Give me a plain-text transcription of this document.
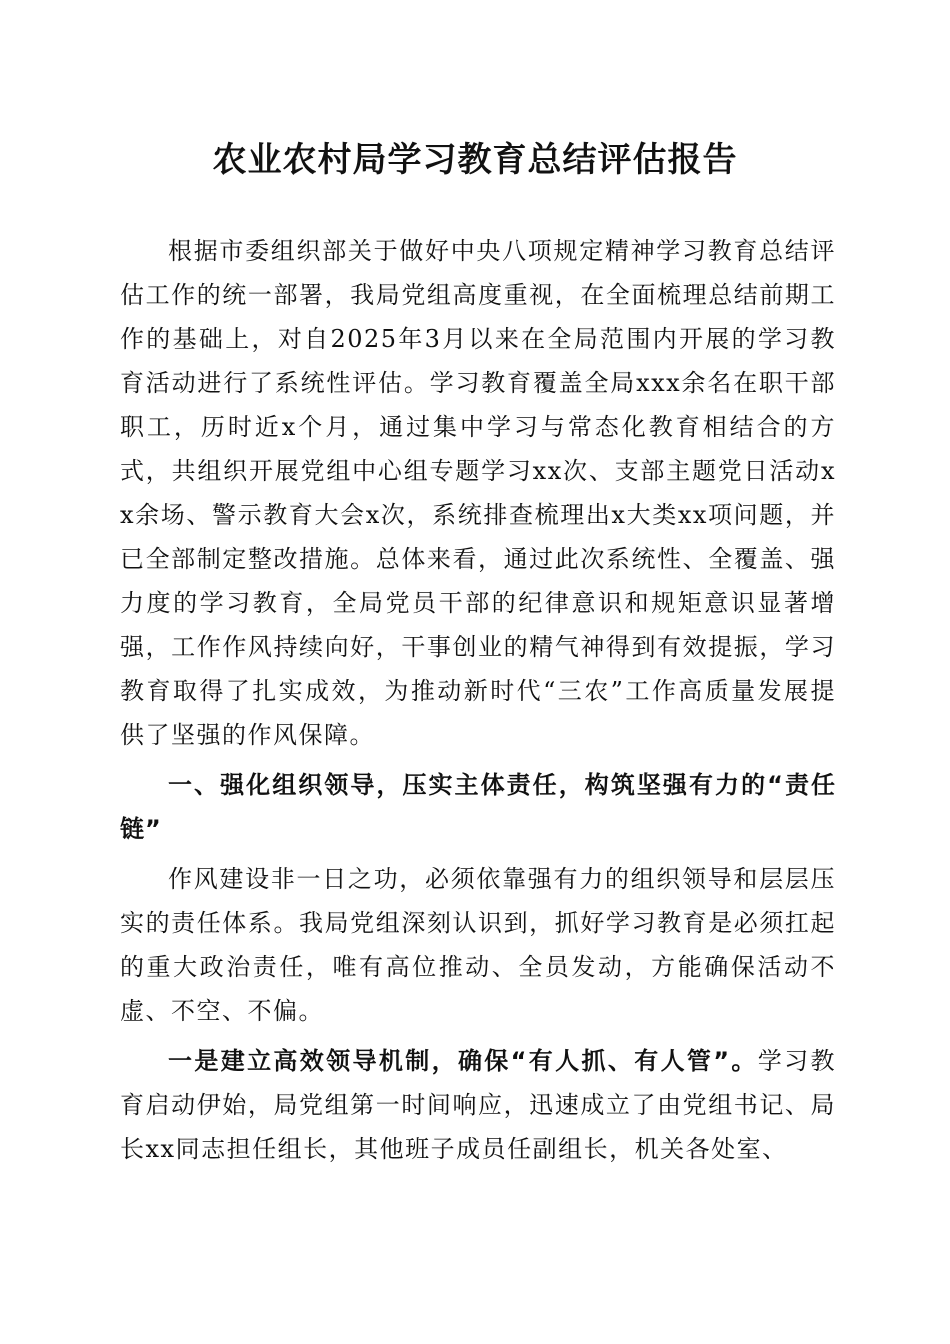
农业农村局学习教育总结评估报告

根据市委组织部关于做好中央八项规定精神学习教育总结评估工作的统一部署，我局党组高度重视，在全面梳理总结前期工作的基础上，对自2025年3月以来在全局范围内开展的学习教育活动进行了系统性评估。学习教育覆盖全局xxx余名在职干部职工，历时近x个月，通过集中学习与常态化教育相结合的方式，共组织开展党组中心组专题学习xx次、支部主题党日活动xx余场、警示教育大会x次，系统排查梳理出x大类xx项问题，并已全部制定整改措施。总体来看，通过此次系统性、全覆盖、强力度的学习教育，全局党员干部的纪律意识和规矩意识显著增强，工作作风持续向好，干事创业的精气神得到有效提振，学习教育取得了扎实成效，为推动新时代“三农”工作高质量发展提供了坚强的作风保障。

一、强化组织领导，压实主体责任，构筑坚强有力的“责任链”

作风建设非一日之功，必须依靠强有力的组织领导和层层压实的责任体系。我局党组深刻认识到，抓好学习教育是必须扛起的重大政治责任，唯有高位推动、全员发动，方能确保活动不虚、不空、不偏。

一是建立高效领导机制，确保“有人抓、有人管”。学习教育启动伊始，局党组第一时间响应，迅速成立了由党组书记、局长xx同志担任组长，其他班子成员任副组长，机关各处室、
